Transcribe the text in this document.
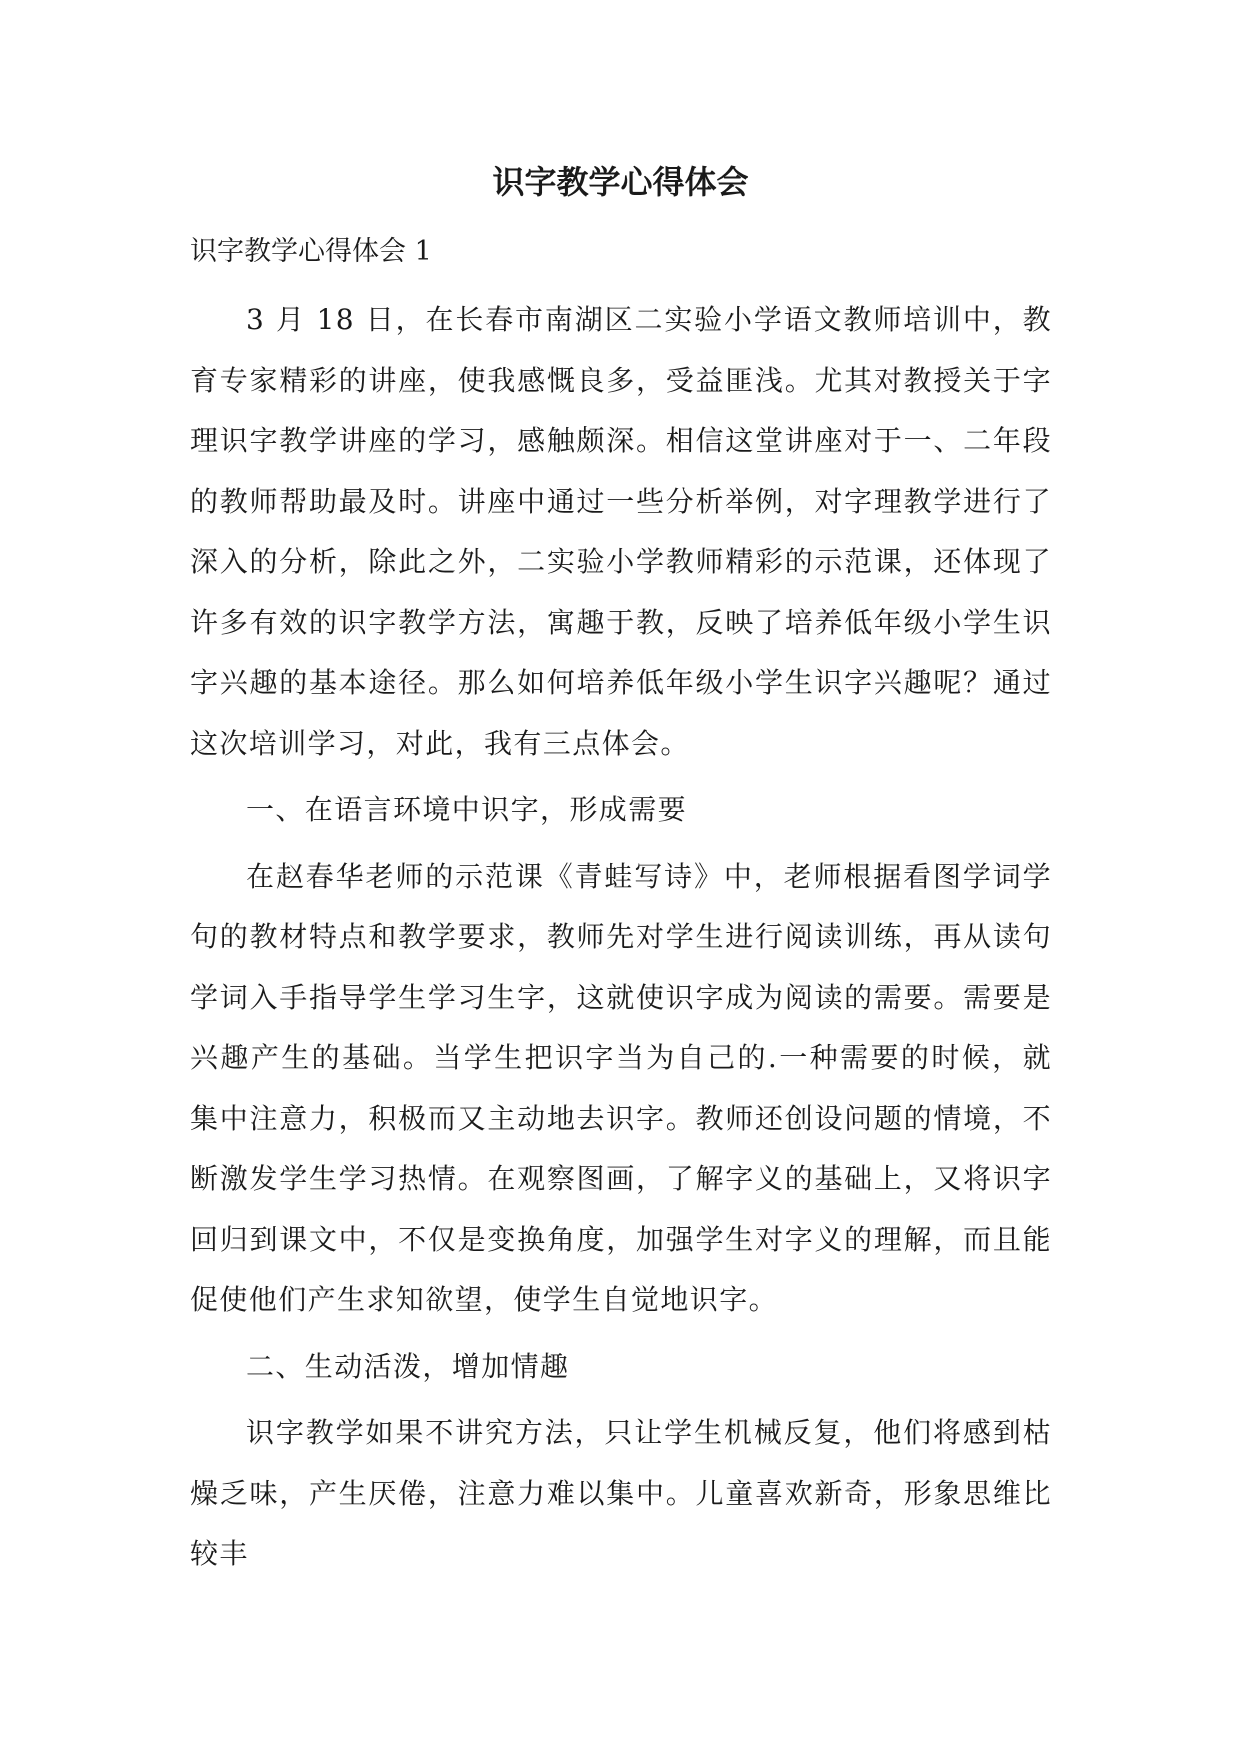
识字教学心得体会

识字教学心得体会 1

3 月 18 日，在长春市南湖区二实验小学语文教师培训中，教育专家精彩的讲座，使我感慨良多，受益匪浅。尤其对教授关于字理识字教学讲座的学习，感触颇深。相信这堂讲座对于一、二年段的教师帮助最及时。讲座中通过一些分析举例，对字理教学进行了深入的分析，除此之外，二实验小学教师精彩的示范课，还体现了许多有效的识字教学方法，寓趣于教，反映了培养低年级小学生识字兴趣的基本途径。那么如何培养低年级小学生识字兴趣呢？通过这次培训学习，对此，我有三点体会。

一、在语言环境中识字，形成需要

在赵春华老师的示范课《青蛙写诗》中，老师根据看图学词学句的教材特点和教学要求，教师先对学生进行阅读训练，再从读句学词入手指导学生学习生字，这就使识字成为阅读的需要。需要是兴趣产生的基础。当学生把识字当为自己的.一种需要的时候，就集中注意力，积极而又主动地去识字。教师还创设问题的情境，不断激发学生学习热情。在观察图画，了解字义的基础上，又将识字回归到课文中，不仅是变换角度，加强学生对字义的理解，而且能促使他们产生求知欲望，使学生自觉地识字。

二、生动活泼，增加情趣

识字教学如果不讲究方法，只让学生机械反复，他们将感到枯燥乏味，产生厌倦，注意力难以集中。儿童喜欢新奇，形象思维比较丰
